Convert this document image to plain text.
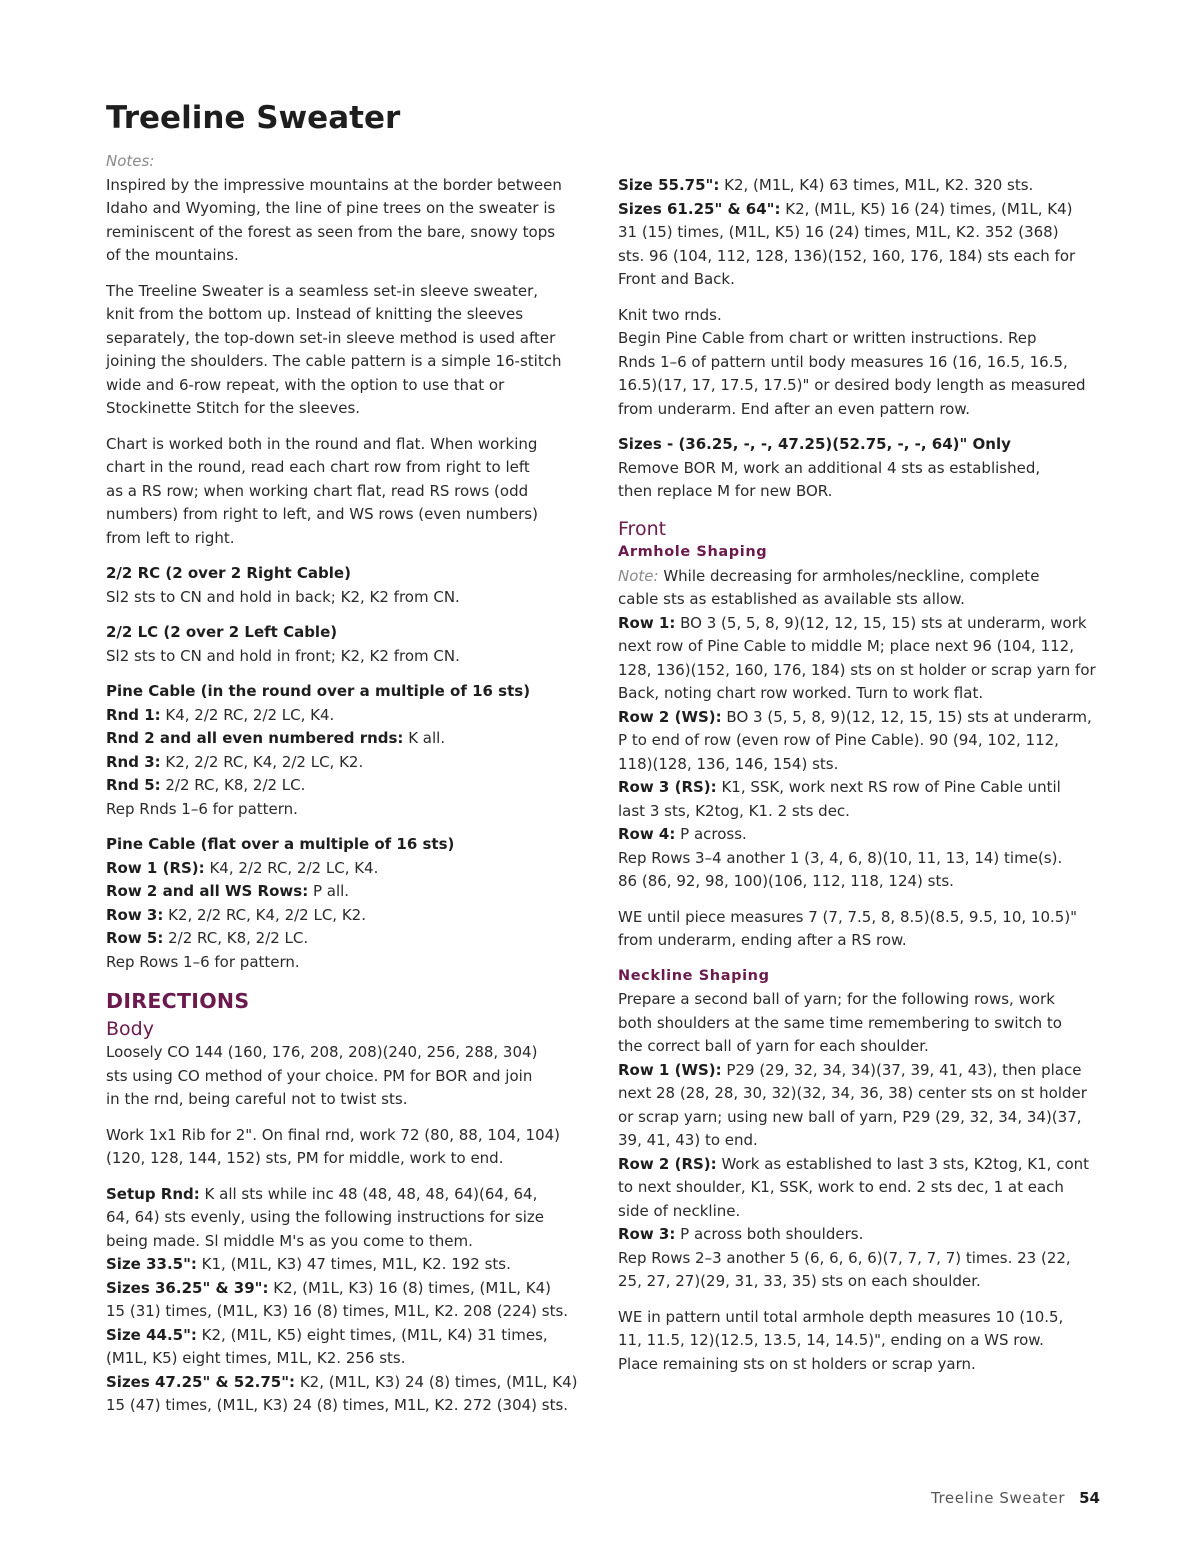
Treeline Sweater

Notes:

Inspired by the impressive mountains at the border between

Idaho and Wyoming, the line of pine trees on the sweater is

reminiscent of the forest as seen from the bare, snowy tops

of the mountains.

The Treeline Sweater is a seamless set-in sleeve sweater,

knit from the bottom up. Instead of knitting the sleeves

separately, the top-down set-in sleeve method is used after

joining the shoulders. The cable pattern is a simple 16-stitch

wide and 6-row repeat, with the option to use that or

Stockinette Stitch for the sleeves.

Chart is worked both in the round and flat. When working

chart in the round, read each chart row from right to left

as a RS row; when working chart flat, read RS rows (odd

numbers) from right to left, and WS rows (even numbers)

from left to right.

2/2 RC (2 over 2 Right Cable)

Sl2 sts to CN and hold in back; K2, K2 from CN.

2/2 LC (2 over 2 Left Cable)

Sl2 sts to CN and hold in front; K2, K2 from CN.

Pine Cable (in the round over a multiple of 16 sts)

Rnd 1: K4, 2/2 RC, 2/2 LC, K4.

Rnd 2 and all even numbered rnds: K all.

Rnd 3: K2, 2/2 RC, K4, 2/2 LC, K2.

Rnd 5: 2/2 RC, K8, 2/2 LC.

Rep Rnds 1–6 for pattern.

Pine Cable (flat over a multiple of 16 sts)

Row 1 (RS): K4, 2/2 RC, 2/2 LC, K4.

Row 2 and all WS Rows: P all.

Row 3: K2, 2/2 RC, K4, 2/2 LC, K2.

Row 5: 2/2 RC, K8, 2/2 LC.

Rep Rows 1–6 for pattern.

DIRECTIONS

Body

Loosely CO 144 (160, 176, 208, 208)(240, 256, 288, 304)

sts using CO method of your choice. PM for BOR and join

in the rnd, being careful not to twist sts.

Work 1x1 Rib for 2". On final rnd, work 72 (80, 88, 104, 104)

(120, 128, 144, 152) sts, PM for middle, work to end.

Setup Rnd: K all sts while inc 48 (48, 48, 48, 64)(64, 64,

64, 64) sts evenly, using the following instructions for size

being made. Sl middle M's as you come to them.

Size 33.5": K1, (M1L, K3) 47 times, M1L, K2. 192 sts.

Sizes 36.25" & 39": K2, (M1L, K3) 16 (8) times, (M1L, K4)

15 (31) times, (M1L, K3) 16 (8) times, M1L, K2. 208 (224) sts.

Size 44.5": K2, (M1L, K5) eight times, (M1L, K4) 31 times,

(M1L, K5) eight times, M1L, K2. 256 sts.

Sizes 47.25" & 52.75": K2, (M1L, K3) 24 (8) times, (M1L, K4)

15 (47) times, (M1L, K3) 24 (8) times, M1L, K2. 272 (304) sts.

Size 55.75": K2, (M1L, K4) 63 times, M1L, K2. 320 sts.

Sizes 61.25" & 64": K2, (M1L, K5) 16 (24) times, (M1L, K4)

31 (15) times, (M1L, K5) 16 (24) times, M1L, K2. 352 (368)

sts. 96 (104, 112, 128, 136)(152, 160, 176, 184) sts each for

Front and Back.

Knit two rnds.

Begin Pine Cable from chart or written instructions. Rep

Rnds 1–6 of pattern until body measures 16 (16, 16.5, 16.5,

16.5)(17, 17, 17.5, 17.5)" or desired body length as measured

from underarm. End after an even pattern row.

Sizes - (36.25, -, -, 47.25)(52.75, -, -, 64)" Only

Remove BOR M, work an additional 4 sts as established,

then replace M for new BOR.

Front

Armhole Shaping

Note: While decreasing for armholes/neckline, complete

cable sts as established as available sts allow.

Row 1: BO 3 (5, 5, 8, 9)(12, 12, 15, 15) sts at underarm, work

next row of Pine Cable to middle M; place next 96 (104, 112,

128, 136)(152, 160, 176, 184) sts on st holder or scrap yarn for

Back, noting chart row worked. Turn to work flat.

Row 2 (WS): BO 3 (5, 5, 8, 9)(12, 12, 15, 15) sts at underarm,

P to end of row (even row of Pine Cable). 90 (94, 102, 112,

118)(128, 136, 146, 154) sts.

Row 3 (RS): K1, SSK, work next RS row of Pine Cable until

last 3 sts, K2tog, K1. 2 sts dec.

Row 4: P across.

Rep Rows 3–4 another 1 (3, 4, 6, 8)(10, 11, 13, 14) time(s).

86 (86, 92, 98, 100)(106, 112, 118, 124) sts.

WE until piece measures 7 (7, 7.5, 8, 8.5)(8.5, 9.5, 10, 10.5)"

from underarm, ending after a RS row.

Neckline Shaping

Prepare a second ball of yarn; for the following rows, work

both shoulders at the same time remembering to switch to

the correct ball of yarn for each shoulder.

Row 1 (WS): P29 (29, 32, 34, 34)(37, 39, 41, 43), then place

next 28 (28, 28, 30, 32)(32, 34, 36, 38) center sts on st holder

or scrap yarn; using new ball of yarn, P29 (29, 32, 34, 34)(37,

39, 41, 43) to end.

Row 2 (RS): Work as established to last 3 sts, K2tog, K1, cont

to next shoulder, K1, SSK, work to end. 2 sts dec, 1 at each

side of neckline.

Row 3: P across both shoulders.

Rep Rows 2–3 another 5 (6, 6, 6, 6)(7, 7, 7, 7) times. 23 (22,

25, 27, 27)(29, 31, 33, 35) sts on each shoulder.

WE in pattern until total armhole depth measures 10 (10.5,

11, 11.5, 12)(12.5, 13.5, 14, 14.5)", ending on a WS row.

Place remaining sts on st holders or scrap yarn.

Treeline Sweater 54
